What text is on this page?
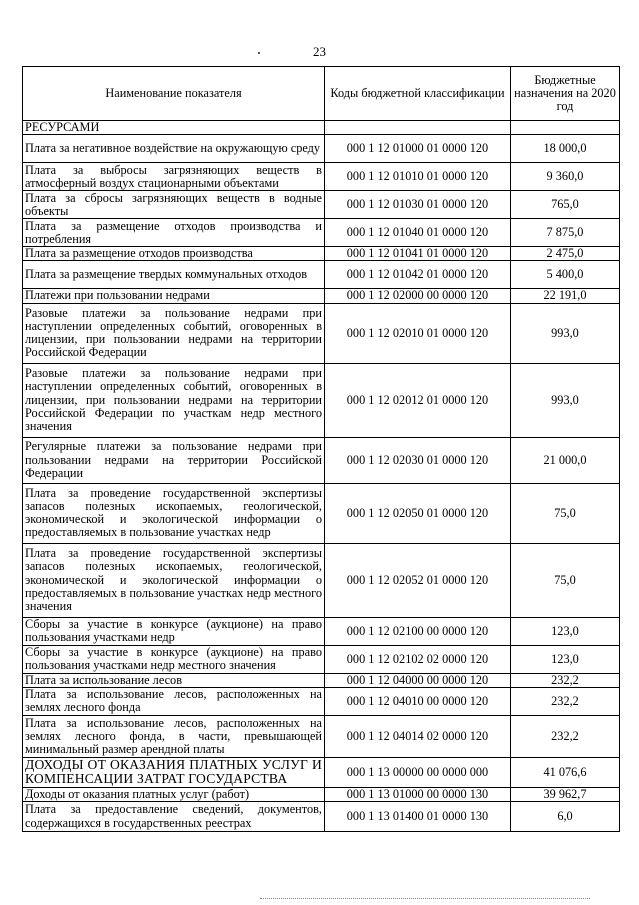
23
Наименование показателя	Коды бюджетной классификации	Бюджетные назначения на 2020 год
РЕСУРСАМИ		
Плата за негативное воздействие на окружающую среду	000 1 12 01000 01 0000 120	18 000,0
Плата за выбросы загрязняющих веществ в атмосферный воздух стационарными объектами	000 1 12 01010 01 0000 120	9 360,0
Плата за сбросы загрязняющих веществ в водные объекты	000 1 12 01030 01 0000 120	765,0
Плата за размещение отходов производства и потребления	000 1 12 01040 01 0000 120	7 875,0
Плата за размещение отходов производства	000 1 12 01041 01 0000 120	2 475,0
Плата за размещение твердых коммунальных отходов	000 1 12 01042 01 0000 120	5 400,0
Платежи при пользовании недрами	000 1 12 02000 00 0000 120	22 191,0
Разовые платежи за пользование недрами при наступлении определенных событий, оговоренных в лицензии, при пользовании недрами на территории Российской Федерации	000 1 12 02010 01 0000 120	993,0
Разовые платежи за пользование недрами при наступлении определенных событий, оговоренных в лицензии, при пользовании недрами на территории Российской Федерации по участкам недр местного значения	000 1 12 02012 01 0000 120	993,0
Регулярные платежи за пользование недрами при пользовании недрами на территории Российской Федерации	000 1 12 02030 01 0000 120	21 000,0
Плата за проведение государственной экспертизы запасов полезных ископаемых, геологической, экономической и экологической информации о предоставляемых в пользование участках недр	000 1 12 02050 01 0000 120	75,0
Плата за проведение государственной экспертизы запасов полезных ископаемых, геологической, экономической и экологической информации о предоставляемых в пользование участках недр местного значения	000 1 12 02052 01 0000 120	75,0
Сборы за участие в конкурсе (аукционе) на право пользования участками недр	000 1 12 02100 00 0000 120	123,0
Сборы за участие в конкурсе (аукционе) на право пользования участками недр местного значения	000 1 12 02102 02 0000 120	123,0
Плата за использование лесов	000 1 12 04000 00 0000 120	232,2
Плата за использование лесов, расположенных на землях лесного фонда	000 1 12 04010 00 0000 120	232,2
Плата за использование лесов, расположенных на землях лесного фонда, в части, превышающей минимальный размер арендной платы	000 1 12 04014 02 0000 120	232,2
ДОХОДЫ ОТ ОКАЗАНИЯ ПЛАТНЫХ УСЛУГ И КОМПЕНСАЦИИ ЗАТРАТ ГОСУДАРСТВА	000 1 13 00000 00 0000 000	41 076,6
Доходы от оказания платных услуг (работ)	000 1 13 01000 00 0000 130	39 962,7
Плата за предоставление сведений, документов, содержащихся в государственных реестрах	000 1 13 01400 01 0000 130	6,0
